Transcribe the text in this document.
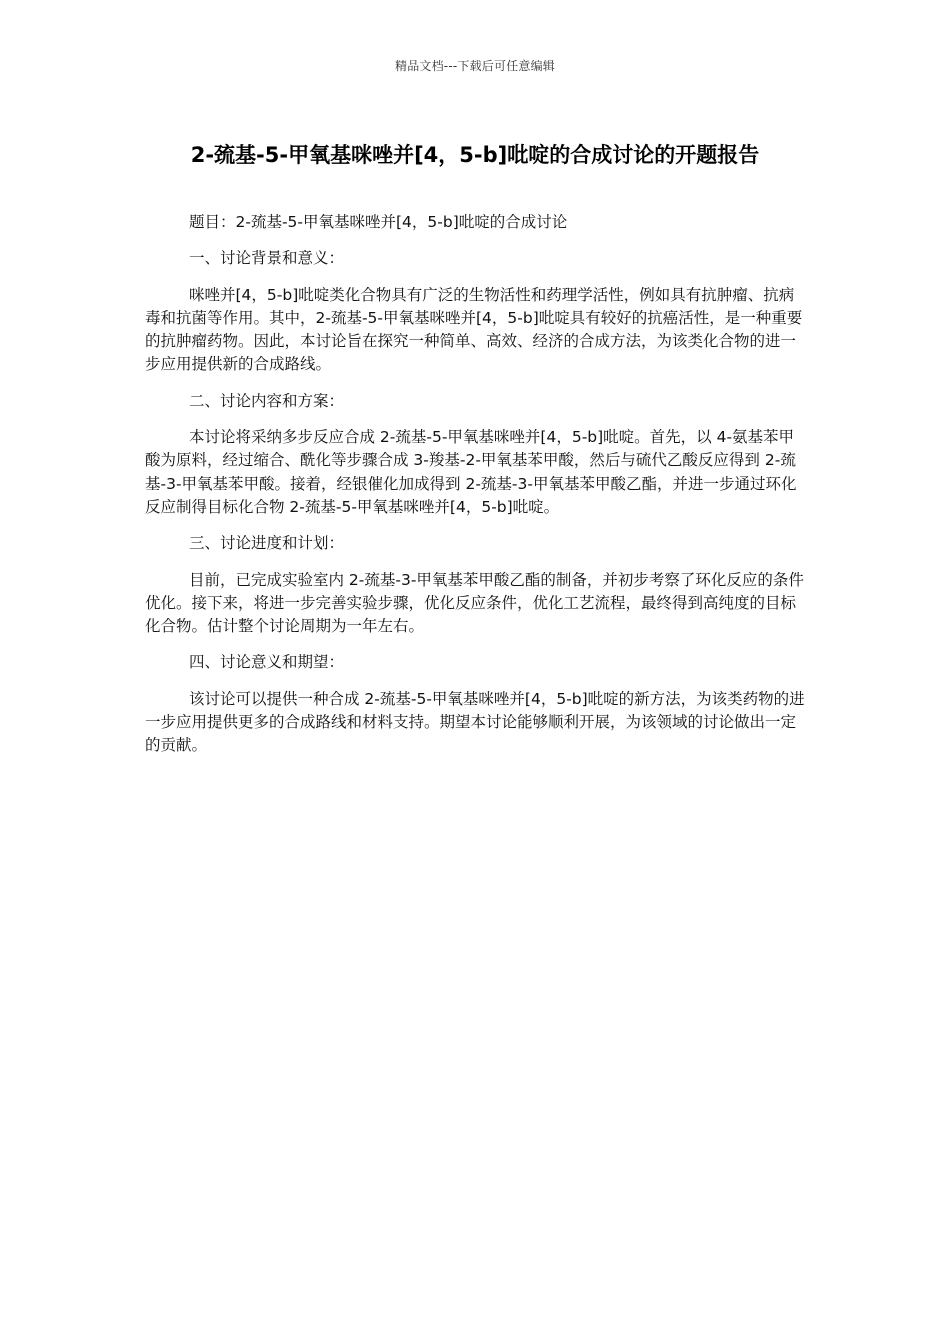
精品文档---下载后可任意编辑
2-巯基-5-甲氧基咪唑并[4，5-b]吡啶的合成讨论的开题报告

题目：2-巯基-5-甲氧基咪唑并[4，5-b]吡啶的合成讨论

一、讨论背景和意义：

咪唑并[4，5-b]吡啶类化合物具有广泛的生物活性和药理学活性，例如具有抗肿瘤、抗病毒和抗菌等作用。其中，2-巯基-5-甲氧基咪唑并[4，5-b]吡啶具有较好的抗癌活性，是一种重要的抗肿瘤药物。因此，本讨论旨在探究一种简单、高效、经济的合成方法，为该类化合物的进一步应用提供新的合成路线。

二、讨论内容和方案：

本讨论将采纳多步反应合成 2-巯基-5-甲氧基咪唑并[4，5-b]吡啶。首先，以 4-氨基苯甲酸为原料，经过缩合、酰化等步骤合成 3-羧基-2-甲氧基苯甲酸，然后与硫代乙酸反应得到 2-巯基-3-甲氧基苯甲酸。接着，经银催化加成得到 2-巯基-3-甲氧基苯甲酸乙酯，并进一步通过环化反应制得目标化合物 2-巯基-5-甲氧基咪唑并[4，5-b]吡啶。

三、讨论进度和计划：

目前，已完成实验室内 2-巯基-3-甲氧基苯甲酸乙酯的制备，并初步考察了环化反应的条件优化。接下来，将进一步完善实验步骤，优化反应条件，优化工艺流程，最终得到高纯度的目标化合物。估计整个讨论周期为一年左右。

四、讨论意义和期望：

该讨论可以提供一种合成 2-巯基-5-甲氧基咪唑并[4，5-b]吡啶的新方法，为该类药物的进一步应用提供更多的合成路线和材料支持。期望本讨论能够顺利开展，为该领域的讨论做出一定的贡献。
